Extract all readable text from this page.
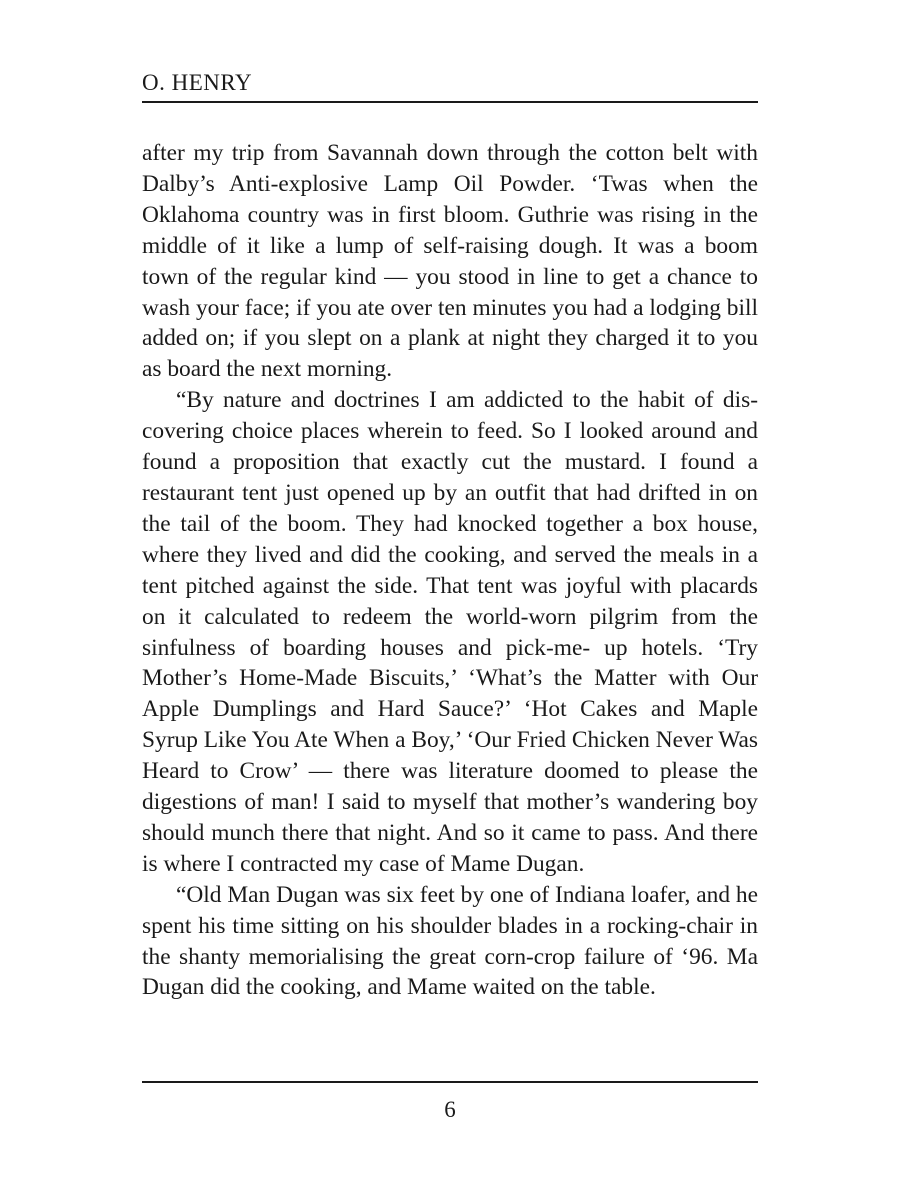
O. HENRY

after my trip from Savannah down through the cotton belt with Dalby’s Anti-explosive Lamp Oil Powder. ‘Twas when the Oklahoma country was in first bloom. Guthrie was rising in the middle of it like a lump of self-raising dough. It was a boom town of the regular kind — you stood in line to get a chance to wash your face; if you ate over ten minutes you had a lodging bill added on; if you slept on a plank at night they charged it to you as board the next morning.

“By nature and doctrines I am addicted to the habit of discovering choice places wherein to feed. So I looked around and found a proposition that exactly cut the mustard. I found a restaurant tent just opened up by an outfit that had drifted in on the tail of the boom. They had knocked together a box house, where they lived and did the cooking, and served the meals in a tent pitched against the side. That tent was joyful with placards on it calculated to redeem the world-worn pilgrim from the sinfulness of boarding houses and pick-me- up hotels. ‘Try Mother’s Home-Made Biscuits,’ ‘What’s the Matter with Our Apple Dumplings and Hard Sauce?’ ‘Hot Cakes and Maple Syrup Like You Ate When a Boy,’ ‘Our Fried Chicken Never Was Heard to Crow’ — there was literature doomed to please the digestions of man! I said to myself that mother’s wandering boy should munch there that night. And so it came to pass. And there is where I contracted my case of Mame Dugan.

“Old Man Dugan was six feet by one of Indiana loafer, and he spent his time sitting on his shoulder blades in a rocking-chair in the shanty memorialising the great corn-crop failure of ‘96. Ma Dugan did the cooking, and Mame waited on the table.

6
